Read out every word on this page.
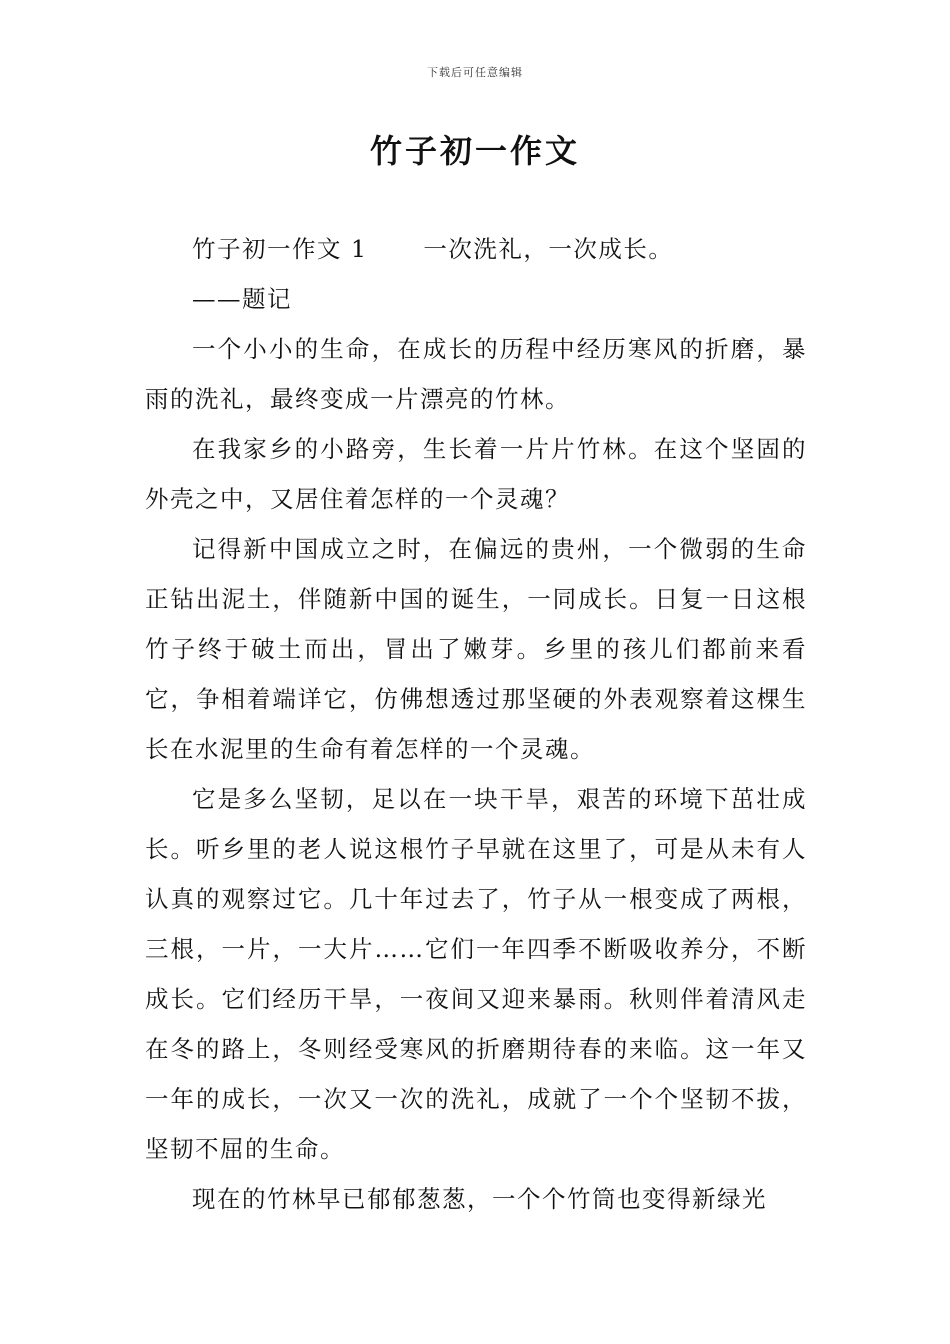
下载后可任意编辑
竹子初一作文

竹子初一作文 1 一次洗礼，一次成长。

——题记

一个小小的生命，在成长的历程中经历寒风的折磨，暴雨的洗礼，最终变成一片漂亮的竹林。

在我家乡的小路旁，生长着一片片竹林。在这个坚固的外壳之中，又居住着怎样的一个灵魂？

记得新中国成立之时，在偏远的贵州，一个微弱的生命正钻出泥土，伴随新中国的诞生，一同成长。日复一日这根竹子终于破土而出，冒出了嫩芽。乡里的孩儿们都前来看它，争相着端详它，仿佛想透过那坚硬的外表观察着这棵生长在水泥里的生命有着怎样的一个灵魂。

它是多么坚韧，足以在一块干旱，艰苦的环境下茁壮成长。听乡里的老人说这根竹子早就在这里了，可是从未有人认真的观察过它。几十年过去了，竹子从一根变成了两根，三根，一片，一大片……它们一年四季不断吸收养分，不断成长。它们经历干旱，一夜间又迎来暴雨。秋则伴着清风走在冬的路上，冬则经受寒风的折磨期待春的来临。这一年又一年的成长，一次又一次的洗礼，成就了一个个坚韧不拔，坚韧不屈的生命。

现在的竹林早已郁郁葱葱，一个个竹筒也变得新绿光
